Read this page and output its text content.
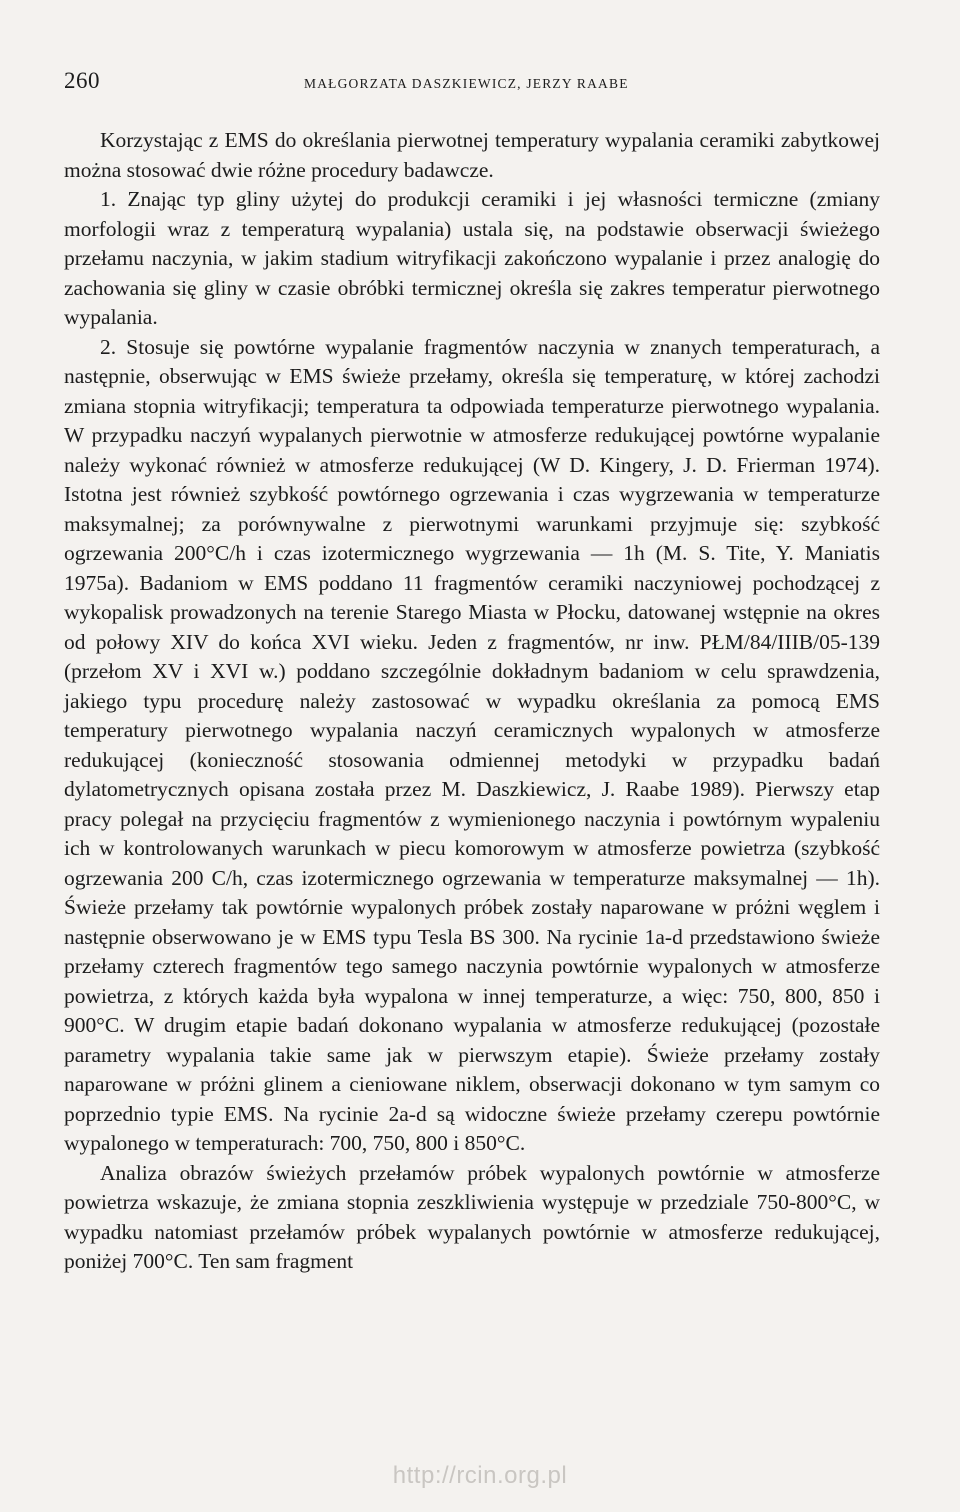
260	MAŁGORZATA DASZKIEWICZ, JERZY RAABE

Korzystając z EMS do określania pierwotnej temperatury wypalania ceramiki zabytkowej można stosować dwie różne procedury badawcze.

1. Znając typ gliny użytej do produkcji ceramiki i jej własności termiczne (zmiany morfologii wraz z temperaturą wypalania) ustala się, na podstawie obserwacji świeżego przełamu naczynia, w jakim stadium witryfikacji zakończono wypalanie i przez analogię do zachowania się gliny w czasie obróbki termicznej określa się zakres temperatur pierwotnego wypalania.

2. Stosuje się powtórne wypalanie fragmentów naczynia w znanych temperaturach, a następnie, obserwując w EMS świeże przełamy, określa się temperaturę, w której zachodzi zmiana stopnia witryfikacji; temperatura ta odpowiada temperaturze pierwotnego wypalania. W przypadku naczyń wypalanych pierwotnie w atmosferze redukującej powtórne wypalanie należy wykonać również w atmosferze redukującej (W D. Kingery, J. D. Frierman 1974). Istotna jest również szybkość powtórnego ogrzewania i czas wygrzewania w temperaturze maksymalnej; za porównywalne z pierwotnymi warunkami przyjmuje się: szybkość ogrzewania 200°C/h i czas izotermicznego wygrzewania — 1h (M. S. Tite, Y. Maniatis 1975a). Badaniom w EMS poddano 11 fragmentów ceramiki naczyniowej pochodzącej z wykopalisk prowadzonych na terenie Starego Miasta w Płocku, datowanej wstępnie na okres od połowy XIV do końca XVI wieku. Jeden z fragmentów, nr inw. PŁM/84/IIIB/05-139 (przełom XV i XVI w.) poddano szczególnie dokładnym badaniom w celu sprawdzenia, jakiego typu procedurę należy zastosować w wypadku określania za pomocą EMS temperatury pierwotnego wypalania naczyń ceramicznych wypalonych w atmosferze redukującej (konieczność stosowania odmiennej metodyki w przypadku badań dylatometrycznych opisana została przez M. Daszkiewicz, J. Raabe 1989). Pierwszy etap pracy polegał na przycięciu fragmentów z wymienionego naczynia i powtórnym wypaleniu ich w kontrolowanych warunkach w piecu komorowym w atmosferze powietrza (szybkość ogrzewania 200 C/h, czas izotermicznego ogrzewania w temperaturze maksymalnej — 1h). Świeże przełamy tak powtórnie wypalonych próbek zostały naparowane w próżni węglem i następnie obserwowano je w EMS typu Tesla BS 300. Na rycinie 1a-d przedstawiono świeże przełamy czterech fragmentów tego samego naczynia powtórnie wypalonych w atmosferze powietrza, z których każda była wypalona w innej temperaturze, a więc: 750, 800, 850 i 900°C. W drugim etapie badań dokonano wypalania w atmosferze redukującej (pozostałe parametry wypalania takie same jak w pierwszym etapie). Świeże przełamy zostały naparowane w próżni glinem a cieniowane niklem, obserwacji dokonano w tym samym co poprzednio typie EMS. Na rycinie 2a-d są widoczne świeże przełamy czerepu powtórnie wypalonego w temperaturach: 700, 750, 800 i 850°C.

Analiza obrazów świeżych przełamów próbek wypalonych powtórnie w atmosferze powietrza wskazuje, że zmiana stopnia zeszkliwienia występuje w przedziale 750-800°C, w wypadku natomiast przełamów próbek wypalanych powtórnie w atmosferze redukującej, poniżej 700°C. Ten sam fragment

http://rcin.org.pl
